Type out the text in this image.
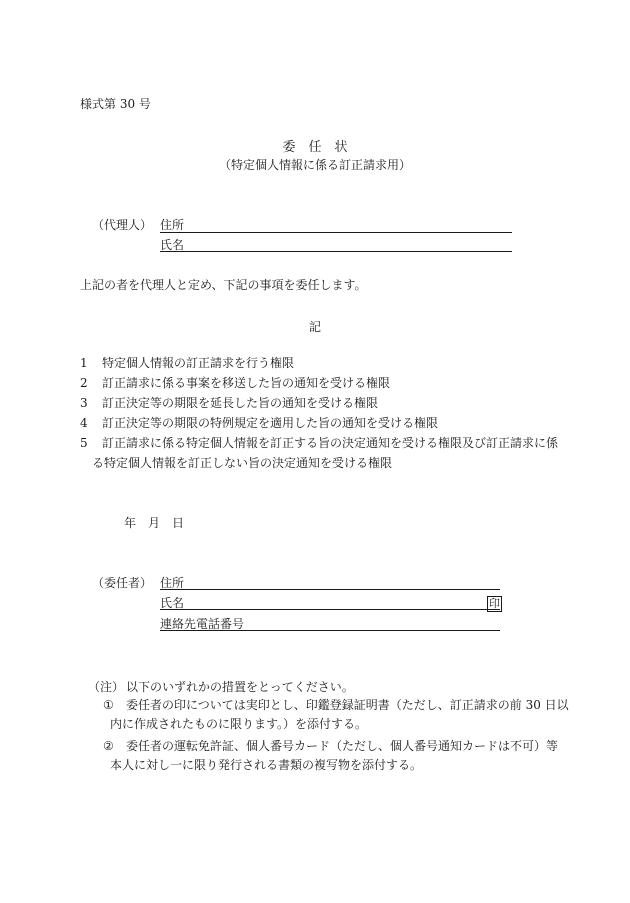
様式第 30 号
委　任　状
（特定個人情報に係る訂正請求用）
（代理人） 住所
氏名
上記の者を代理人と定め、下記の事項を委任します。
記
1 特定個人情報の訂正請求を行う権限
2 訂正請求に係る事案を移送した旨の通知を受ける権限
3 訂正決定等の期限を延長した旨の通知を受ける権限
4 訂正決定等の期限の特例規定を適用した旨の通知を受ける権限
5 訂正請求に係る特定個人情報を訂正する旨の決定通知を受ける権限及び訂正請求に係
る特定個人情報を訂正しない旨の決定通知を受ける権限
年　月　日
（委任者） 住所
氏名	印
連絡先電話番号
（注） 以下のいずれかの措置をとってください。
① 委任者の印については実印とし、印鑑登録証明書（ただし、訂正請求の前 30 日以
内に作成されたものに限ります。）を添付する。
② 委任者の運転免許証、個人番号カード（ただし、個人番号通知カードは不可）等
本人に対し一に限り発行される書類の複写物を添付する。
